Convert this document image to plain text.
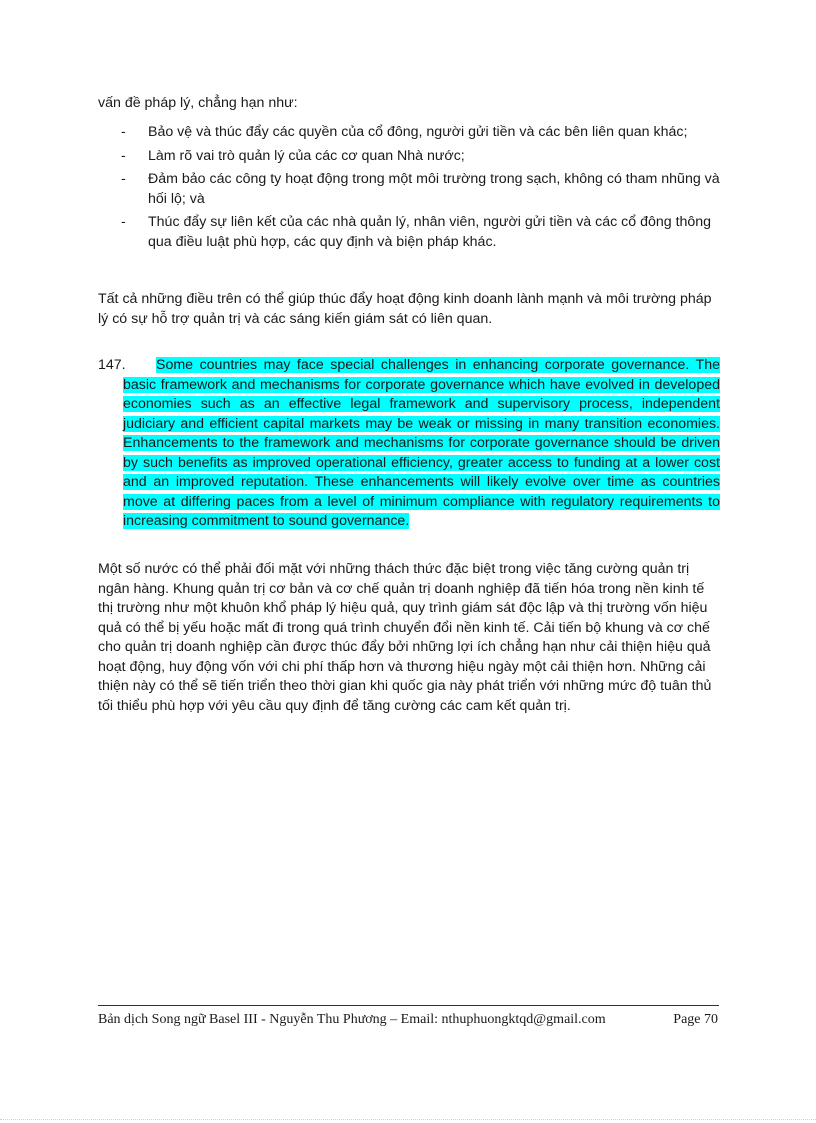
vấn đề pháp lý, chẳng hạn như:

- Bảo vệ và thúc đẩy các quyền của cổ đông, người gửi tiền và các bên liên quan khác;
- Làm rõ vai trò quản lý của các cơ quan Nhà nước;
- Đảm bảo các công ty hoạt động trong một môi trường trong sạch, không có tham nhũng và hối lộ; và
- Thúc đẩy sự liên kết của các nhà quản lý, nhân viên, người gửi tiền và các cổ đông thông qua điều luật phù hợp, các quy định và biện pháp khác.

Tất cả những điều trên có thể giúp thúc đẩy hoạt động kinh doanh lành mạnh và môi trường pháp lý có sự hỗ trợ quản trị và các sáng kiến giám sát có liên quan.

147.	Some countries may face special challenges in enhancing corporate governance. The basic framework and mechanisms for corporate governance which have evolved in developed economies such as an effective legal framework and supervisory process, independent judiciary and efficient capital markets may be weak or missing in many transition economies. Enhancements to the framework and mechanisms for corporate governance should be driven by such benefits as improved operational efficiency, greater access to funding at a lower cost and an improved reputation. These enhancements will likely evolve over time as countries move at differing paces from a level of minimum compliance with regulatory requirements to increasing commitment to sound governance.

Một số nước có thể phải đối mặt với những thách thức đặc biệt trong việc tăng cường quản trị ngân hàng. Khung quản trị cơ bản và cơ chế quản trị doanh nghiệp đã tiến hóa trong nền kinh tế thị trường như một khuôn khổ pháp lý hiệu quả, quy trình giám sát độc lập và thị trường vốn hiệu quả có thể bị yếu hoặc mất đi trong quá trình chuyển đổi nền kinh tế. Cải tiến bộ khung và cơ chế cho quản trị doanh nghiệp cần được thúc đẩy bởi những lợi ích chẳng hạn như cải thiện hiệu quả hoạt động, huy động vốn với chi phí thấp hơn và thương hiệu ngày một cải thiện hơn. Những cải thiện này có thể sẽ tiến triển theo thời gian khi quốc gia này phát triển với những mức độ tuân thủ tối thiểu phù hợp với yêu cầu quy định để tăng cường các cam kết quản trị.

Bản dịch Song ngữ Basel III - Nguyễn Thu Phương – Email: nthuphuongktqd@gmail.com	Page 70
